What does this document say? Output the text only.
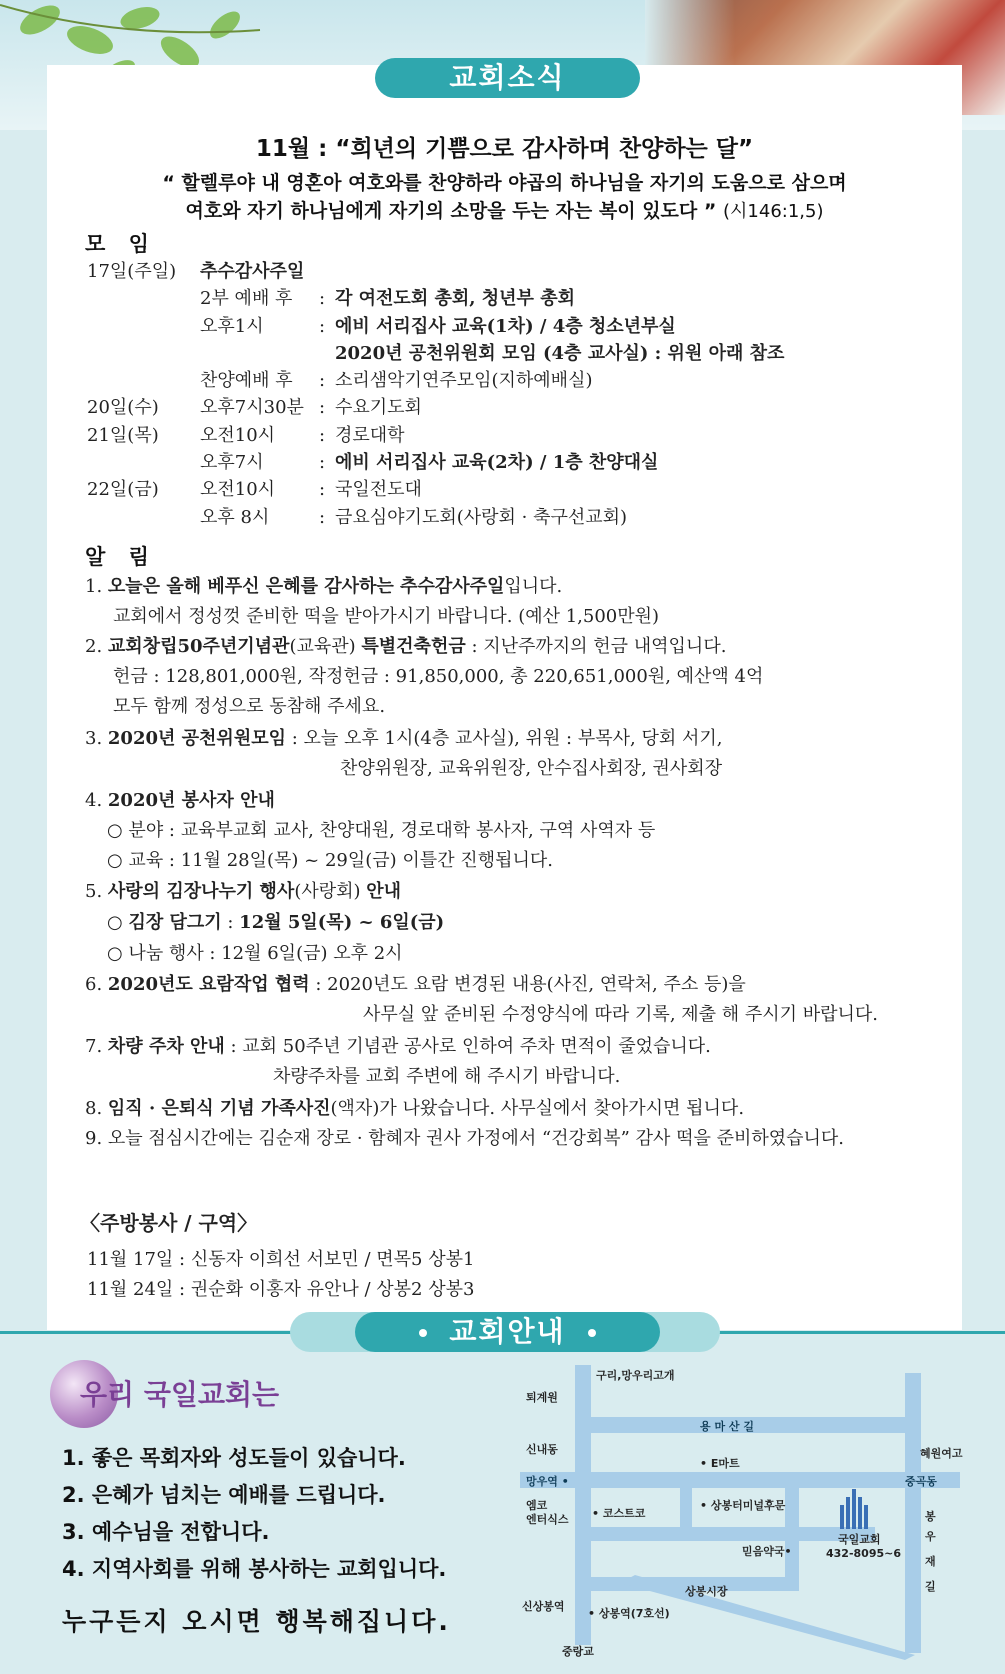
교회소식
11월 : “희년의 기쁨으로 감사하며 찬양하는 달”
“ 할렐루야 내 영혼아 여호와를 찬양하라 야곱의 하나님을 자기의 도움으로 삼으며
여호와 자기 하나님에게 자기의 소망을 두는 자는 복이 있도다 ” (시146:1,5)
모 임
17일(주일) 추수감사주일
2부 예배 후 : 각 여전도회 총회, 청년부 총회
오후1시	: 에비 서리집사 교육(1차) / 4층 청소년부실
2020년 공천위원회 모임 (4층 교사실) : 위원 아래 참조
찬양예배 후 : 소리샘악기연주모임(지하예배실)
20일(수) 오후7시30분 : 수요기도회
21일(목) 오전10시 : 경로대학
오후7시	: 에비 서리집사 교육(2차) / 1층 찬양대실
22일(금) 오전10시 : 국일전도대
오후 8시	: 금요심야기도회(사랑회 · 축구선교회)
알 림
1. 오늘은 올해 베푸신 은혜를 감사하는 추수감사주일입니다.
교회에서 정성껏 준비한 떡을 받아가시기 바랍니다. (예산 1,500만원)
2. 교회창립50주년기념관(교육관) 특별건축헌금 : 지난주까지의 헌금 내역입니다.
헌금 : 128,801,000원, 작정헌금 : 91,850,000, 총 220,651,000원, 예산액 4억
모두 함께 정성으로 동참해 주세요.
3. 2020년 공천위원모임 : 오늘 오후 1시(4층 교사실), 위원 : 부목사, 당회 서기,
찬양위원장, 교육위원장, 안수집사회장, 권사회장
4. 2020년 봉사자 안내
○ 분야 : 교육부교회 교사, 찬양대원, 경로대학 봉사자, 구역 사역자 등
○ 교육 : 11월 28일(목) ~ 29일(금) 이틀간 진행됩니다.
5. 사랑의 김장나누기 행사(사랑회) 안내
○ 김장 담그기 : 12월 5일(목) ~ 6일(금)
○ 나눔 행사 : 12월 6일(금) 오후 2시
6. 2020년도 요람작업 협력 : 2020년도 요람 변경된 내용(사진, 연락처, 주소 등)을
사무실 앞 준비된 수정양식에 따라 기록, 제출 해 주시기 바랍니다.
7. 차량 주차 안내 : 교회 50주년 기념관 공사로 인하여 주차 면적이 줄었습니다.
차량주차를 교회 주변에 해 주시기 바랍니다.
8. 임직 · 은퇴식 기념 가족사진(액자)가 나왔습니다. 사무실에서 찾아가시면 됩니다.
9. 오늘 점심시간에는 김순재 장로 · 함혜자 권사 가정에서 “건강회복” 감사 떡을 준비하였습니다.
〈주방봉사 / 구역〉
11월 17일 : 신동자 이희선 서보민 / 면목5 상봉1
11월 24일 : 권순화 이홍자 유안나 / 상봉2 상봉3
교회안내
우리 국일교회는
1. 좋은 목회자와 성도들이 있습니다.
2. 은혜가 넘치는 예배를 드립니다.
3. 예수님을 전합니다.
4. 지역사회를 위해 봉사하는 교회입니다.
누구든지 오시면 행복해집니다.
구리,망우리고개
퇴계원
용 마 산 길
신내동
• E마트
혜원여고
망우역 •	중곡동
엠코
엔터식스 • 코스트코
• 상봉터미널후문
국일교회
432-8095~6
믿음약국•
상봉시장
신상봉역
• 상봉역(7호선)
중랑교
봉
우
재
길
